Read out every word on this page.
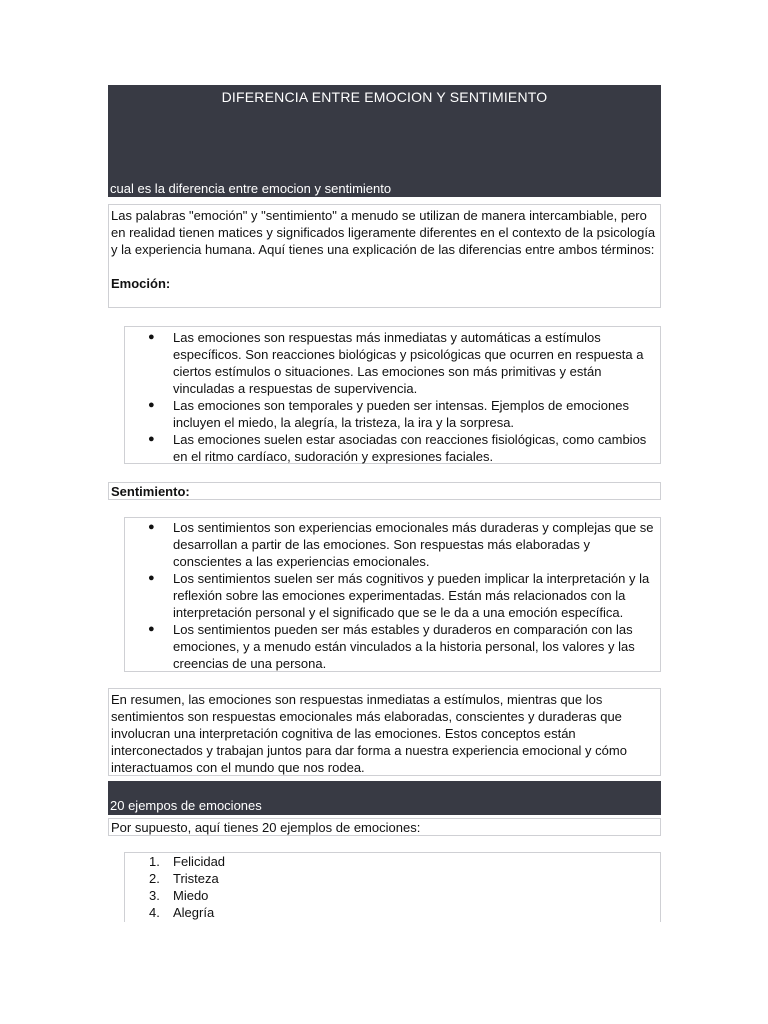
DIFERENCIA ENTRE EMOCION Y SENTIMIENTO
cual es la diferencia entre emocion y sentimiento

Las palabras "emoción" y "sentimiento" a menudo se utilizan de manera intercambiable, pero en realidad tienen matices y significados ligeramente diferentes en el contexto de la psicología y la experiencia humana. Aquí tienes una explicación de las diferencias entre ambos términos:

Emoción:

● Las emociones son respuestas más inmediatas y automáticas a estímulos específicos. Son reacciones biológicas y psicológicas que ocurren en respuesta a ciertos estímulos o situaciones. Las emociones son más primitivas y están vinculadas a respuestas de supervivencia.
● Las emociones son temporales y pueden ser intensas. Ejemplos de emociones incluyen el miedo, la alegría, la tristeza, la ira y la sorpresa.
● Las emociones suelen estar asociadas con reacciones fisiológicas, como cambios en el ritmo cardíaco, sudoración y expresiones faciales.

Sentimiento:

● Los sentimientos son experiencias emocionales más duraderas y complejas que se desarrollan a partir de las emociones. Son respuestas más elaboradas y conscientes a las experiencias emocionales.
● Los sentimientos suelen ser más cognitivos y pueden implicar la interpretación y la reflexión sobre las emociones experimentadas. Están más relacionados con la interpretación personal y el significado que se le da a una emoción específica.
● Los sentimientos pueden ser más estables y duraderos en comparación con las emociones, y a menudo están vinculados a la historia personal, los valores y las creencias de una persona.

En resumen, las emociones son respuestas inmediatas a estímulos, mientras que los sentimientos son respuestas emocionales más elaboradas, conscientes y duraderas que involucran una interpretación cognitiva de las emociones. Estos conceptos están interconectados y trabajan juntos para dar forma a nuestra experiencia emocional y cómo interactuamos con el mundo que nos rodea.

20 ejempos de emociones

Por supuesto, aquí tienes 20 ejemplos de emociones:

1. Felicidad
2. Tristeza
3. Miedo
4. Alegría
